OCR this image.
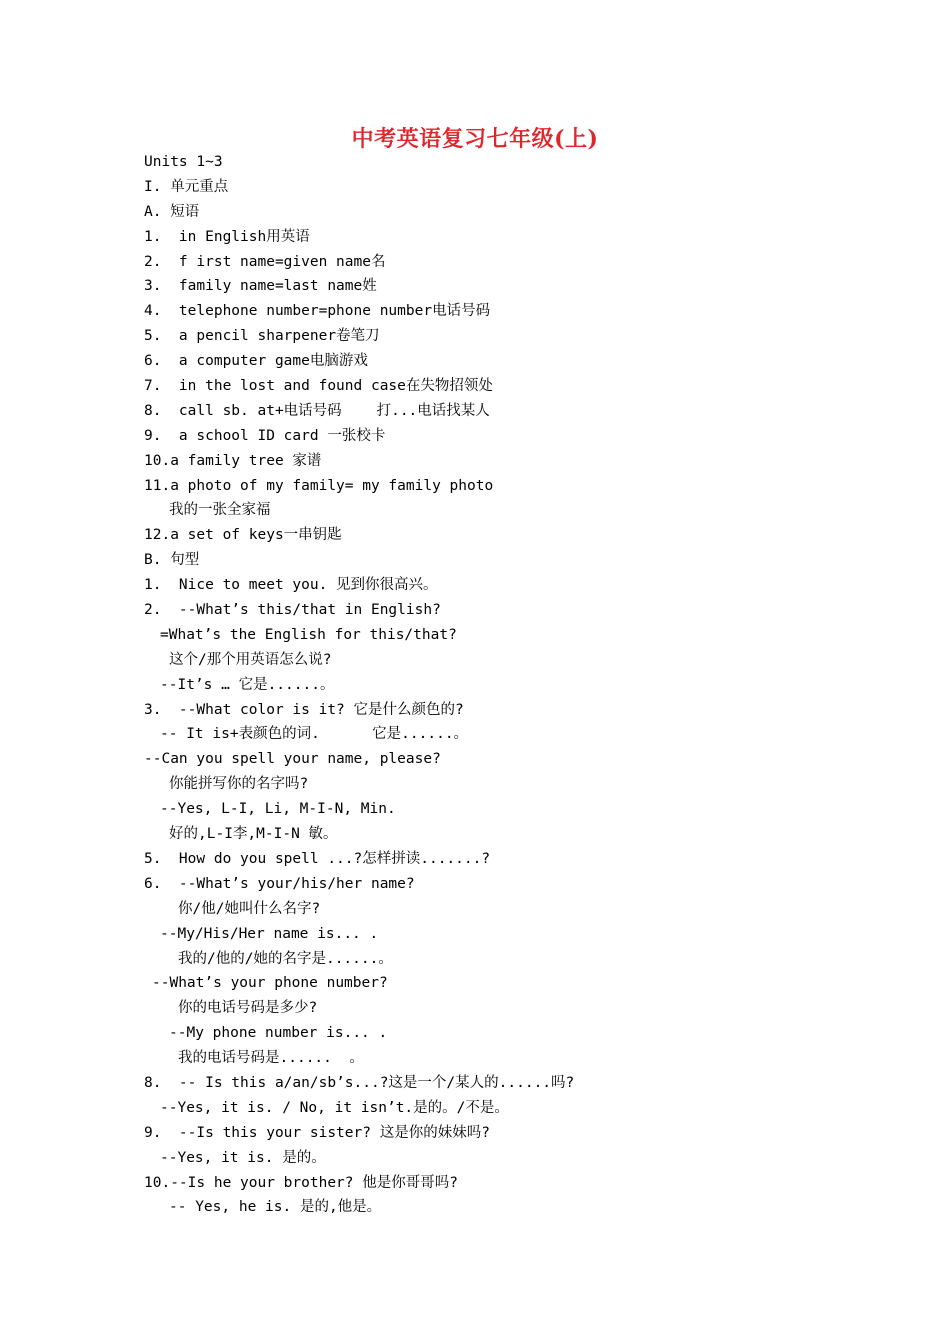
中考英语复习七年级(上)
Units 1~3
I. 单元重点
A. 短语
1.  in English用英语
2.  f irst name=given name名
3.  family name=last name姓
4.  telephone number=phone number电话号码
5.  a pencil sharpener卷笔刀
6.  a computer game电脑游戏
7.  in the lost and found case在失物招领处
8.  call sb. at+电话号码    打...电话找某人
9.  a school ID card 一张校卡
10.a family tree 家谱
11.a photo of my family= my family photo
我的一张全家福
12.a set of keys一串钥匙
B. 句型
1.  Nice to meet you. 见到你很高兴。
2.  --What’s this/that in English?
=What’s the English for this/that?
这个/那个用英语怎么说?
--It’s … 它是......。
3.  --What color is it? 它是什么颜色的?
-- It is+表颜色的词.      它是......。
--Can you spell your name, please?
你能拼写你的名字吗?
--Yes, L-I, Li, M-I-N, Min.
好的,L-I李,M-I-N 敏。
5.  How do you spell ...?怎样拼读.......?
6.  --What’s your/his/her name?
你/他/她叫什么名字?
--My/His/Her name is... .
我的/他的/她的名字是......。
--What’s your phone number?
你的电话号码是多少?
--My phone number is... .
我的电话号码是......  。
8.  -- Is this a/an/sb’s...?这是一个/某人的......吗?
--Yes, it is. / No, it isn’t.是的。/不是。
9.  --Is this your sister? 这是你的妹妹吗?
--Yes, it is. 是的。
10.--Is he your brother? 他是你哥哥吗?
-- Yes, he is. 是的,他是。
